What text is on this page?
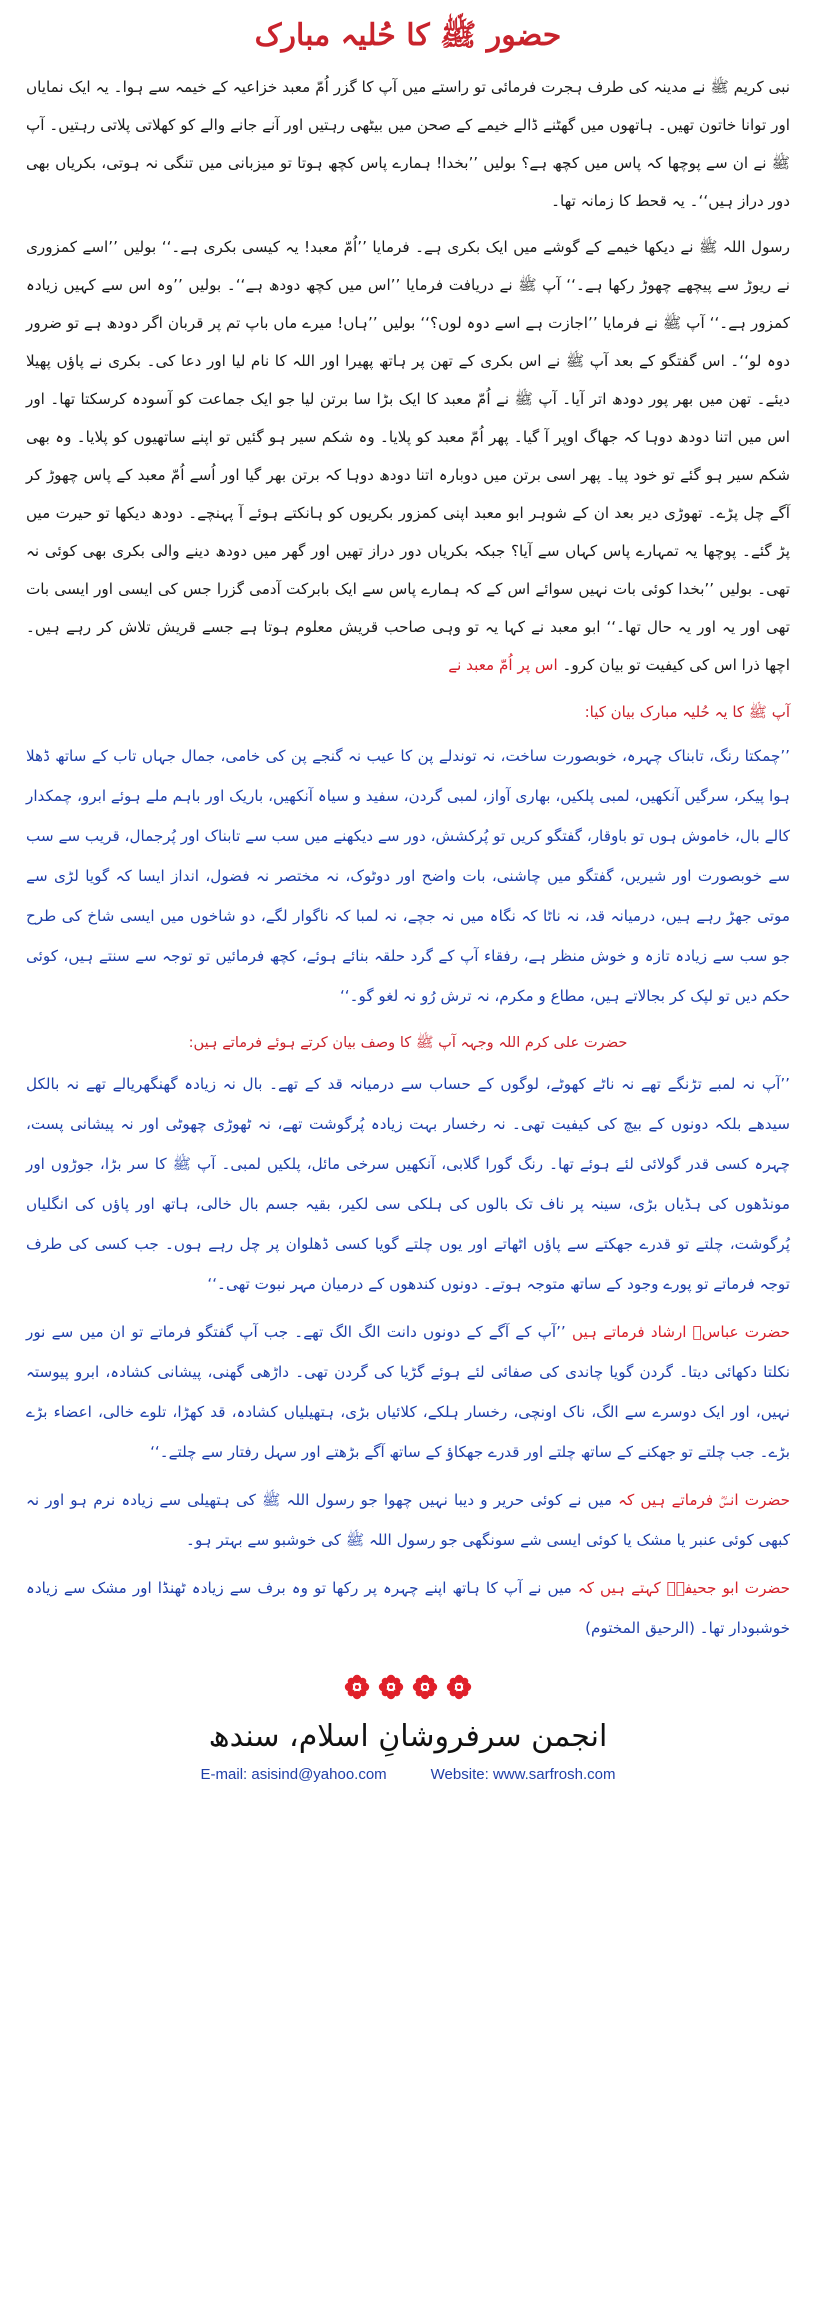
حضور ﷺ کا حُلیہ مبارک

نبی کریم ﷺ نے مدینہ کی طرف ہجرت فرمائی تو راستے میں آپ کا گزر اُمّ معبد خزاعیہ کے خیمہ سے ہوا۔ یہ ایک نمایاں اور توانا خاتون تھیں۔ ہاتھوں میں گھٹنے ڈالے خیمے کے صحن میں بیٹھی رہتیں اور آنے جانے والے کو کھلاتی پلاتی رہتیں۔ آپ ﷺ نے ان سے پوچھا کہ پاس میں کچھ ہے؟ بولیں ’’بخدا! ہمارے پاس کچھ ہوتا تو میزبانی میں تنگی نہ ہوتی، بکریاں بھی دور دراز ہیں‘‘۔ یہ قحط کا زمانہ تھا۔

رسول اللہ ﷺ نے دیکھا خیمے کے گوشے میں ایک بکری ہے۔ فرمایا ’’اُمّ معبد! یہ کیسی بکری ہے۔‘‘ بولیں ’’اسے کمزوری نے ریوڑ سے پیچھے چھوڑ رکھا ہے۔‘‘ آپ ﷺ نے دریافت فرمایا ’’اس میں کچھ دودھ ہے‘‘۔ بولیں ’’وہ اس سے کہیں زیادہ کمزور ہے۔‘‘ آپ ﷺ نے فرمایا ’’اجازت ہے اسے دوہ لوں؟‘‘ بولیں ’’ہاں! میرے ماں باپ تم پر قربان اگر دودھ ہے تو ضرور دوہ لو‘‘۔ اس گفتگو کے بعد آپ ﷺ نے اس بکری کے تھن پر ہاتھ پھیرا اور اللہ کا نام لیا اور دعا کی۔ بکری نے پاؤں پھیلا دیئے۔ تھن میں بھر پور دودھ اتر آیا۔ آپ ﷺ نے اُمّ معبد کا ایک بڑا سا برتن لیا جو ایک جماعت کو آسودہ کرسکتا تھا۔ اور اس میں اتنا دودھ دوہا کہ جھاگ اوپر آ گیا۔ پھر اُمّ معبد کو پلایا۔ وہ شکم سیر ہو گئیں تو اپنے ساتھیوں کو پلایا۔ وہ بھی شکم سیر ہو گئے تو خود پیا۔ پھر اسی برتن میں دوبارہ اتنا دودھ دوہا کہ برتن بھر گیا اور اُسے اُمّ معبد کے پاس چھوڑ کر آگے چل پڑے۔ تھوڑی دیر بعد ان کے شوہر ابو معبد اپنی کمزور بکریوں کو ہانکتے ہوئے آ پہنچے۔ دودھ دیکھا تو حیرت میں پڑ گئے۔ پوچھا یہ تمہارے پاس کہاں سے آیا؟ جبکہ بکریاں دور دراز تھیں اور گھر میں دودھ دینے والی بکری بھی کوئی نہ تھی۔ بولیں ’’بخدا کوئی بات نہیں سوائے اس کے کہ ہمارے پاس سے ایک بابرکت آدمی گزرا جس کی ایسی اور ایسی بات تھی اور یہ اور یہ حال تھا۔‘‘ ابو معبد نے کہا یہ تو وہی صاحب قریش معلوم ہوتا ہے جسے قریش تلاش کر رہے ہیں۔ اچھا ذرا اس کی کیفیت تو بیان کرو۔ اس پر اُمّ معبد نے

آپ ﷺ کا یہ حُلیہ مبارک بیان کیا:

’’چمکتا رنگ، تابناک چہرہ، خوبصورت ساخت، نہ توندلے پن کا عیب نہ گنجے پن کی خامی، جمال جہاں تاب کے ساتھ ڈھلا ہوا پیکر، سرگیں آنکھیں، لمبی پلکیں، بھاری آواز، لمبی گردن، سفید و سیاہ آنکھیں، باریک اور باہم ملے ہوئے ابرو، چمکدار کالے بال، خاموش ہوں تو باوقار، گفتگو کریں تو پُرکشش، دور سے دیکھنے میں سب سے تابناک اور پُرجمال، قریب سے سب سے خوبصورت اور شیریں، گفتگو میں چاشنی، بات واضح اور دوٹوک، نہ مختصر نہ فضول، انداز ایسا کہ گویا لڑی سے موتی جھڑ رہے ہیں، درمیانہ قد، نہ ناٹا کہ نگاہ میں نہ جچے، نہ لمبا کہ ناگوار لگے، دو شاخوں میں ایسی شاخ کی طرح جو سب سے زیادہ تازہ و خوش منظر ہے، رفقاء آپ کے گرد حلقہ بنائے ہوئے، کچھ فرمائیں تو توجہ سے سنتے ہیں، کوئی حکم دیں تو لپک کر بجالاتے ہیں، مطاع و مکرم، نہ ترش رُو نہ لغو گو۔‘‘

حضرت علی کرم اللہ وجہہ آپ ﷺ کا وصف بیان کرتے ہوئے فرماتے ہیں:

’’آپ نہ لمبے تڑنگے تھے نہ ناٹے کھوٹے، لوگوں کے حساب سے درمیانہ قد کے تھے۔ بال نہ زیادہ گھنگھریالے تھے نہ بالکل سیدھے بلکہ دونوں کے بیچ کی کیفیت تھی۔ نہ رخسار بہت زیادہ پُرگوشت تھے، نہ ٹھوڑی چھوٹی اور نہ پیشانی پست، چہرہ کسی قدر گولائی لئے ہوئے تھا۔ رنگ گورا گلابی، آنکھیں سرخی مائل، پلکیں لمبی۔ آپ ﷺ کا سر بڑا، جوڑوں اور مونڈھوں کی ہڈیاں بڑی، سینہ پر ناف تک بالوں کی ہلکی سی لکیر، بقیہ جسم بال خالی، ہاتھ اور پاؤں کی انگلیاں پُرگوشت، چلتے تو قدرے جھکتے سے پاؤں اٹھاتے اور یوں چلتے گویا کسی ڈھلوان پر چل رہے ہوں۔ جب کسی کی طرف توجہ فرماتے تو پورے وجود کے ساتھ متوجہ ہوتے۔ دونوں کندھوں کے درمیان مہر نبوت تھی۔‘‘

حضرت عباسؓ ارشاد فرماتے ہیں ’’آپ کے آگے کے دونوں دانت الگ الگ تھے۔ جب آپ گفتگو فرماتے تو ان میں سے نور نکلتا دکھائی دیتا۔ گردن گویا چاندی کی صفائی لئے ہوئے گڑیا کی گردن تھی۔ داڑھی گھنی، پیشانی کشادہ، ابرو پیوستہ نہیں، اور ایک دوسرے سے الگ، ناک اونچی، رخسار ہلکے، کلائیاں بڑی، ہتھیلیاں کشادہ، قد کھڑا، تلوے خالی، اعضاء بڑے بڑے۔ جب چلتے تو جھکنے کے ساتھ چلتے اور قدرے جھکاؤ کے ساتھ آگے بڑھتے اور سہل رفتار سے چلتے۔‘‘

حضرت انسؓ فرماتے ہیں کہ میں نے کوئی حریر و دیبا نہیں چھوا جو رسول اللہ ﷺ کی ہتھیلی سے زیادہ نرم ہو اور نہ کبھی کوئی عنبر یا مشک یا کوئی ایسی شے سونگھی جو رسول اللہ ﷺ کی خوشبو سے بہتر ہو۔

حضرت ابو جحیفہؓ کہتے ہیں کہ میں نے آپ کا ہاتھ اپنے چہرہ پر رکھا تو وہ برف سے زیادہ ٹھنڈا اور مشک سے زیادہ خوشبودار تھا۔ (الرحیق المختوم)

انجمن سرفروشانِ اسلام، سندھ
E-mail: asisind@yahoo.com	Website: www.sarfrosh.com
